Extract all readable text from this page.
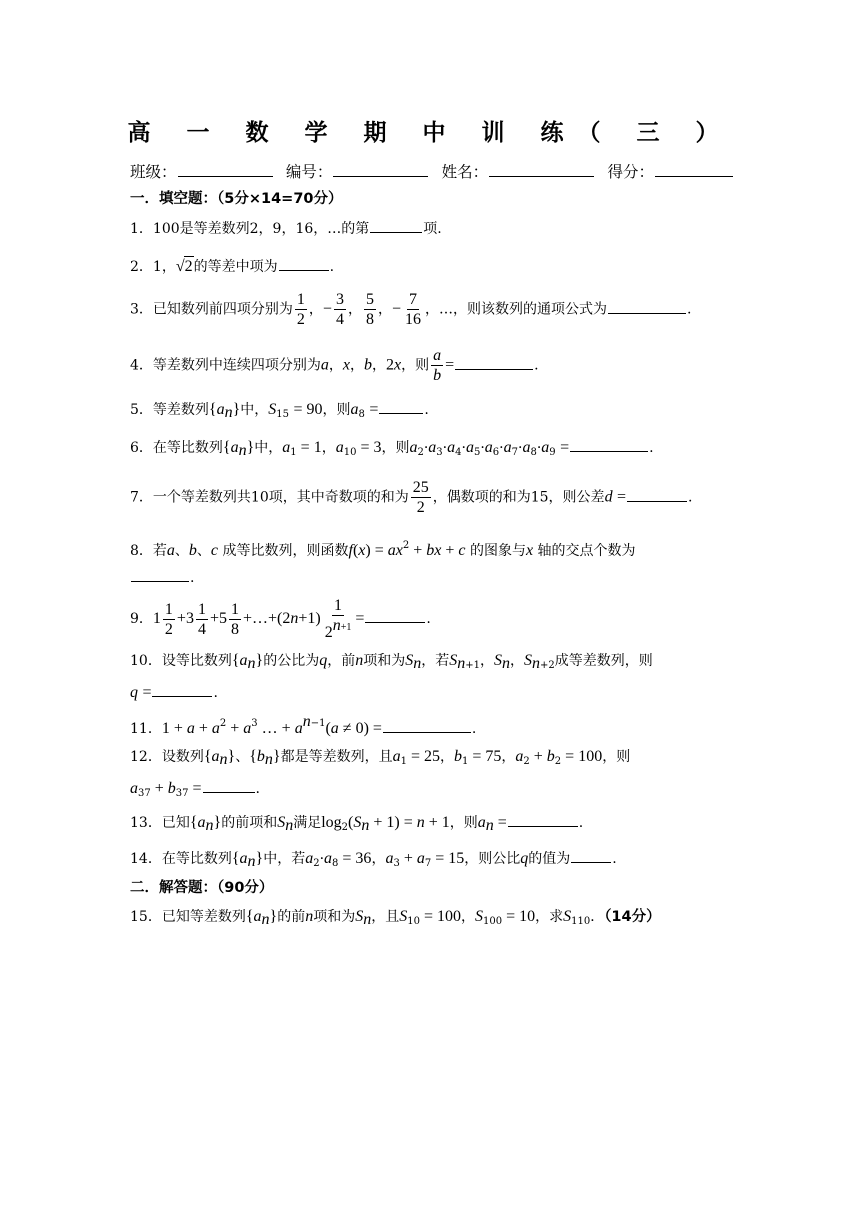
高 一 数 学 期 中 训 练（ 三 ）
班级：	编号：	姓名：	得分：
一．填空题：（5分×14=70分）
1．100是等差数列2，9，16，…的第	项.
2．1，√2的等差中项为	.
3．已知数列前四项分别为 $\frac{1}{2}$ ，− $\frac{3}{4}$ ， $\frac{5}{8}$ ，− $\frac{7}{16}$ ，…，则该数列的通项公式为	.
4．等差数列中连续四项分别为a，x，b，2x，则 $\frac{a}{b}$ =	.
5．等差数列$\{a_n\}$中，$S_{15} = 90$，则$a_8$ =	.
6．在等比数列$\{a_n\}$中，$a_1 = 1$，$a_{10} = 3$，则$a_2\cdot a_3\cdot a_4\cdot a_5\cdot a_6\cdot a_7\cdot a_8\cdot a_9$ =	.
7．一个等差数列共10项，其中奇数项的和为 $\frac{25}{2}$ ，偶数项的和为15，则公差d =	.
8．若a、b、c 成等比数列，则函数$f(x) = ax^2$ + bx + c 的图象与x 轴的交点个数为
.
9．$1 \frac{1}{2} +3 \frac{1}{4} +5 \frac{1}{8}$ +…+(2n+1) $\frac{1}{2^{n+1}}$ =	.
10．设等比数列$\{a_n\}$的公比为q，前n项和为$S_n$，若$S_{n+1}$，$S_n$，$S_{n+2}$成等差数列，则
q =	.
11．$1 + a + a^2 + a^3$ … + $a^{n-1}(a \ne 0)$ =	.
12．设数列$\{a_n\}$、$\{b_n\}$都是等差数列，且$a_1 = 25$，$b_1 = 75$，$a_2 + b_2 = 100$，则
$a_{37} + b_{37}$ =	.
13．已知$\{a_n\}$的前项和$S_n$满足$\log_2(S_n + 1) = n + 1$，则$a_n$ =	.
14．在等比数列$\{a_n\}$中，若$a_2\cdot a_8 = 36$，$a_3 + a_7 = 15$，则公比q的值为	.
二．解答题：（90分）
15．已知等差数列$\{a_n\}$的前n项和为$S_n$，且$S_{10} = 100$，$S_{100} = 10$，求$S_{110}$．（14分）
